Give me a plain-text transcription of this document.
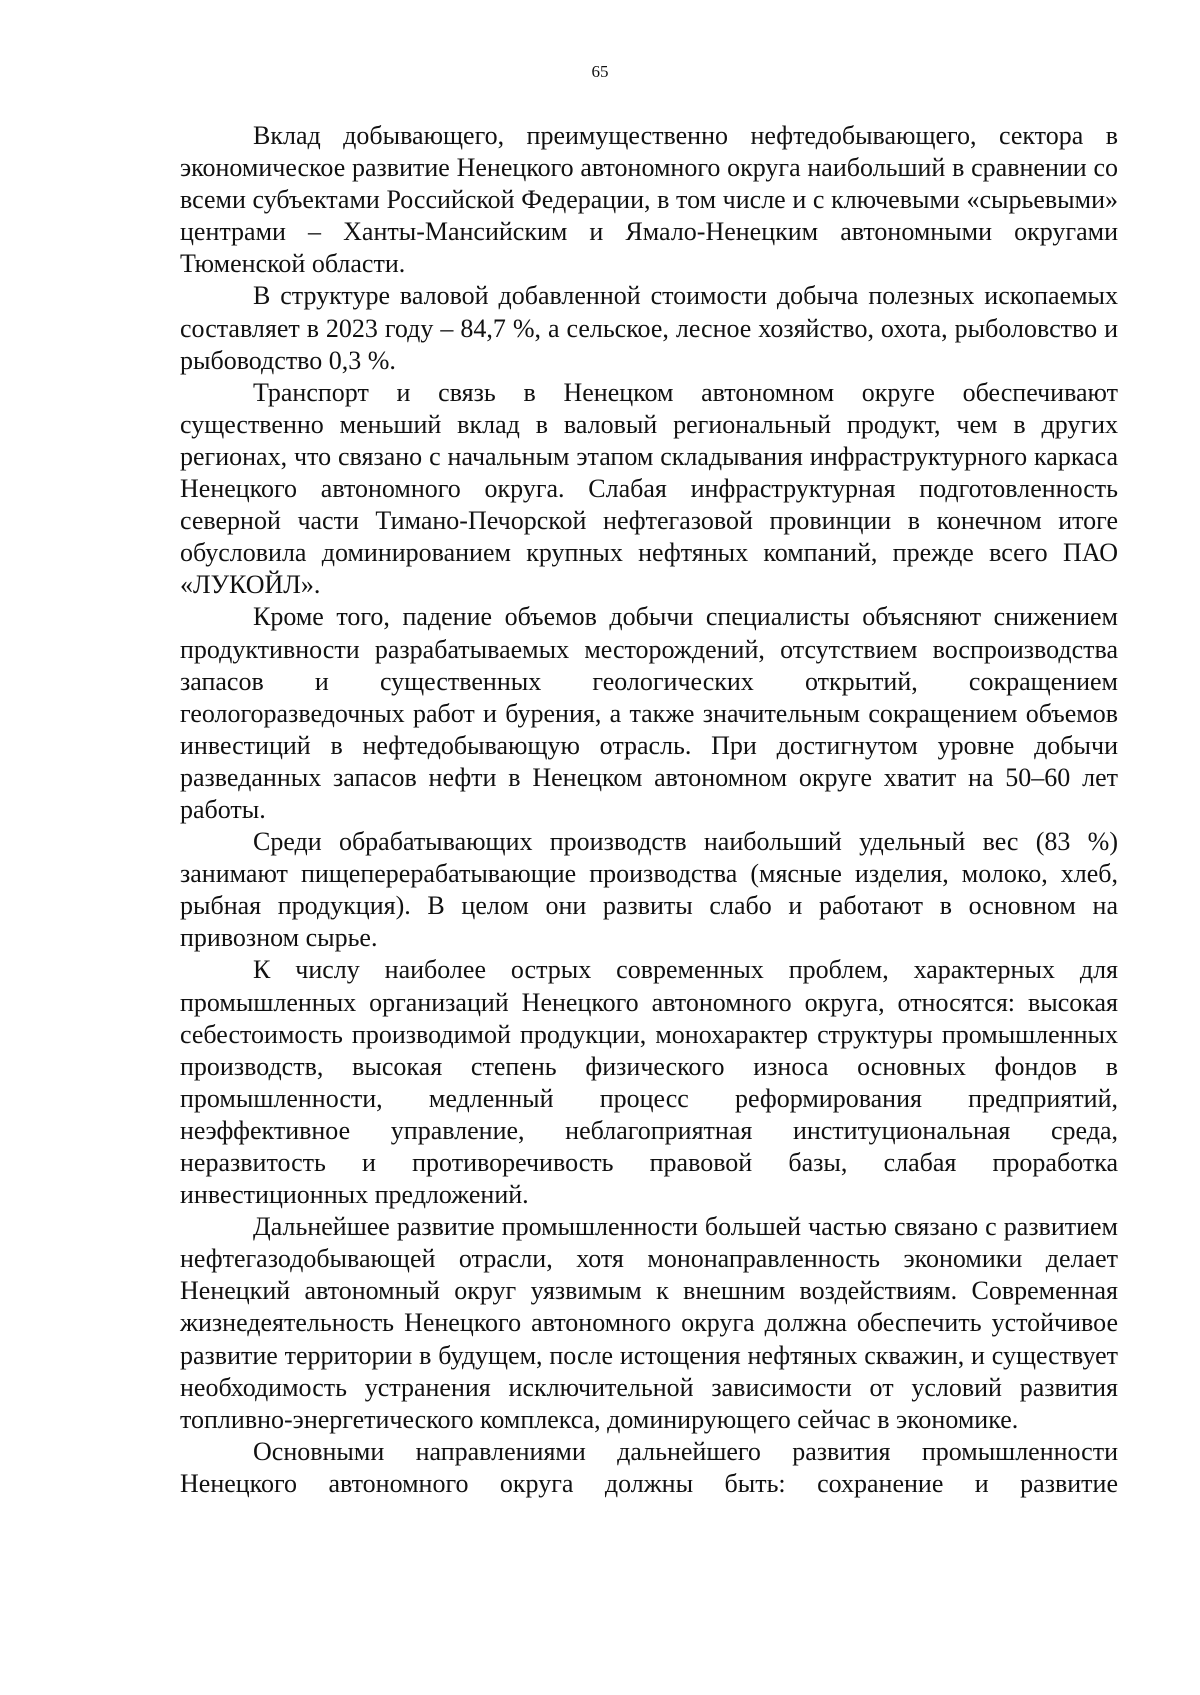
65

Вклад добывающего, преимущественно нефтедобывающего, сектора в экономическое развитие Ненецкого автономного округа наибольший в сравнении со всеми субъектами Российской Федерации, в том числе и с ключевыми «сырьевыми» центрами – Ханты-Мансийским и Ямало-Ненецким автономными округами Тюменской области.

В структуре валовой добавленной стоимости добыча полезных ископаемых составляет в 2023 году – 84,7 %, а сельское, лесное хозяйство, охота, рыболовство и рыбоводство 0,3 %.

Транспорт и связь в Ненецком автономном округе обеспечивают существенно меньший вклад в валовый региональный продукт, чем в других регионах, что связано с начальным этапом складывания инфраструктурного каркаса Ненецкого автономного округа. Слабая инфраструктурная подготовленность северной части Тимано-Печорской нефтегазовой провинции в конечном итоге обусловила доминированием крупных нефтяных компаний, прежде всего ПАО «ЛУКОЙЛ».

Кроме того, падение объемов добычи специалисты объясняют снижением продуктивности разрабатываемых месторождений, отсутствием воспроизводства запасов и существенных геологических открытий, сокращением геологоразведочных работ и бурения, а также значительным сокращением объемов инвестиций в нефтедобывающую отрасль. При достигнутом уровне добычи разведанных запасов нефти в Ненецком автономном округе хватит на 50–60 лет работы.

Среди обрабатывающих производств наибольший удельный вес (83 %) занимают пищеперерабатывающие производства (мясные изделия, молоко, хлеб, рыбная продукция). В целом они развиты слабо и работают в основном на привозном сырье.

К числу наиболее острых современных проблем, характерных для промышленных организаций Ненецкого автономного округа, относятся: высокая себестоимость производимой продукции, монохарактер структуры промышленных производств, высокая степень физического износа основных фондов в промышленности, медленный процесс реформирования предприятий, неэффективное управление, неблагоприятная институциональная среда, неразвитость и противоречивость правовой базы, слабая проработка инвестиционных предложений.

Дальнейшее развитие промышленности большей частью связано с развитием нефтегазодобывающей отрасли, хотя мононаправленность экономики делает Ненецкий автономный округ уязвимым к внешним воздействиям. Современная жизнедеятельность Ненецкого автономного округа должна обеспечить устойчивое развитие территории в будущем, после истощения нефтяных скважин, и существует необходимость устранения исключительной зависимости от условий развития топливно-энергетического комплекса, доминирующего сейчас в экономике.

Основными направлениями дальнейшего развития промышленности Ненецкого автономного округа должны быть: сохранение и развитие
